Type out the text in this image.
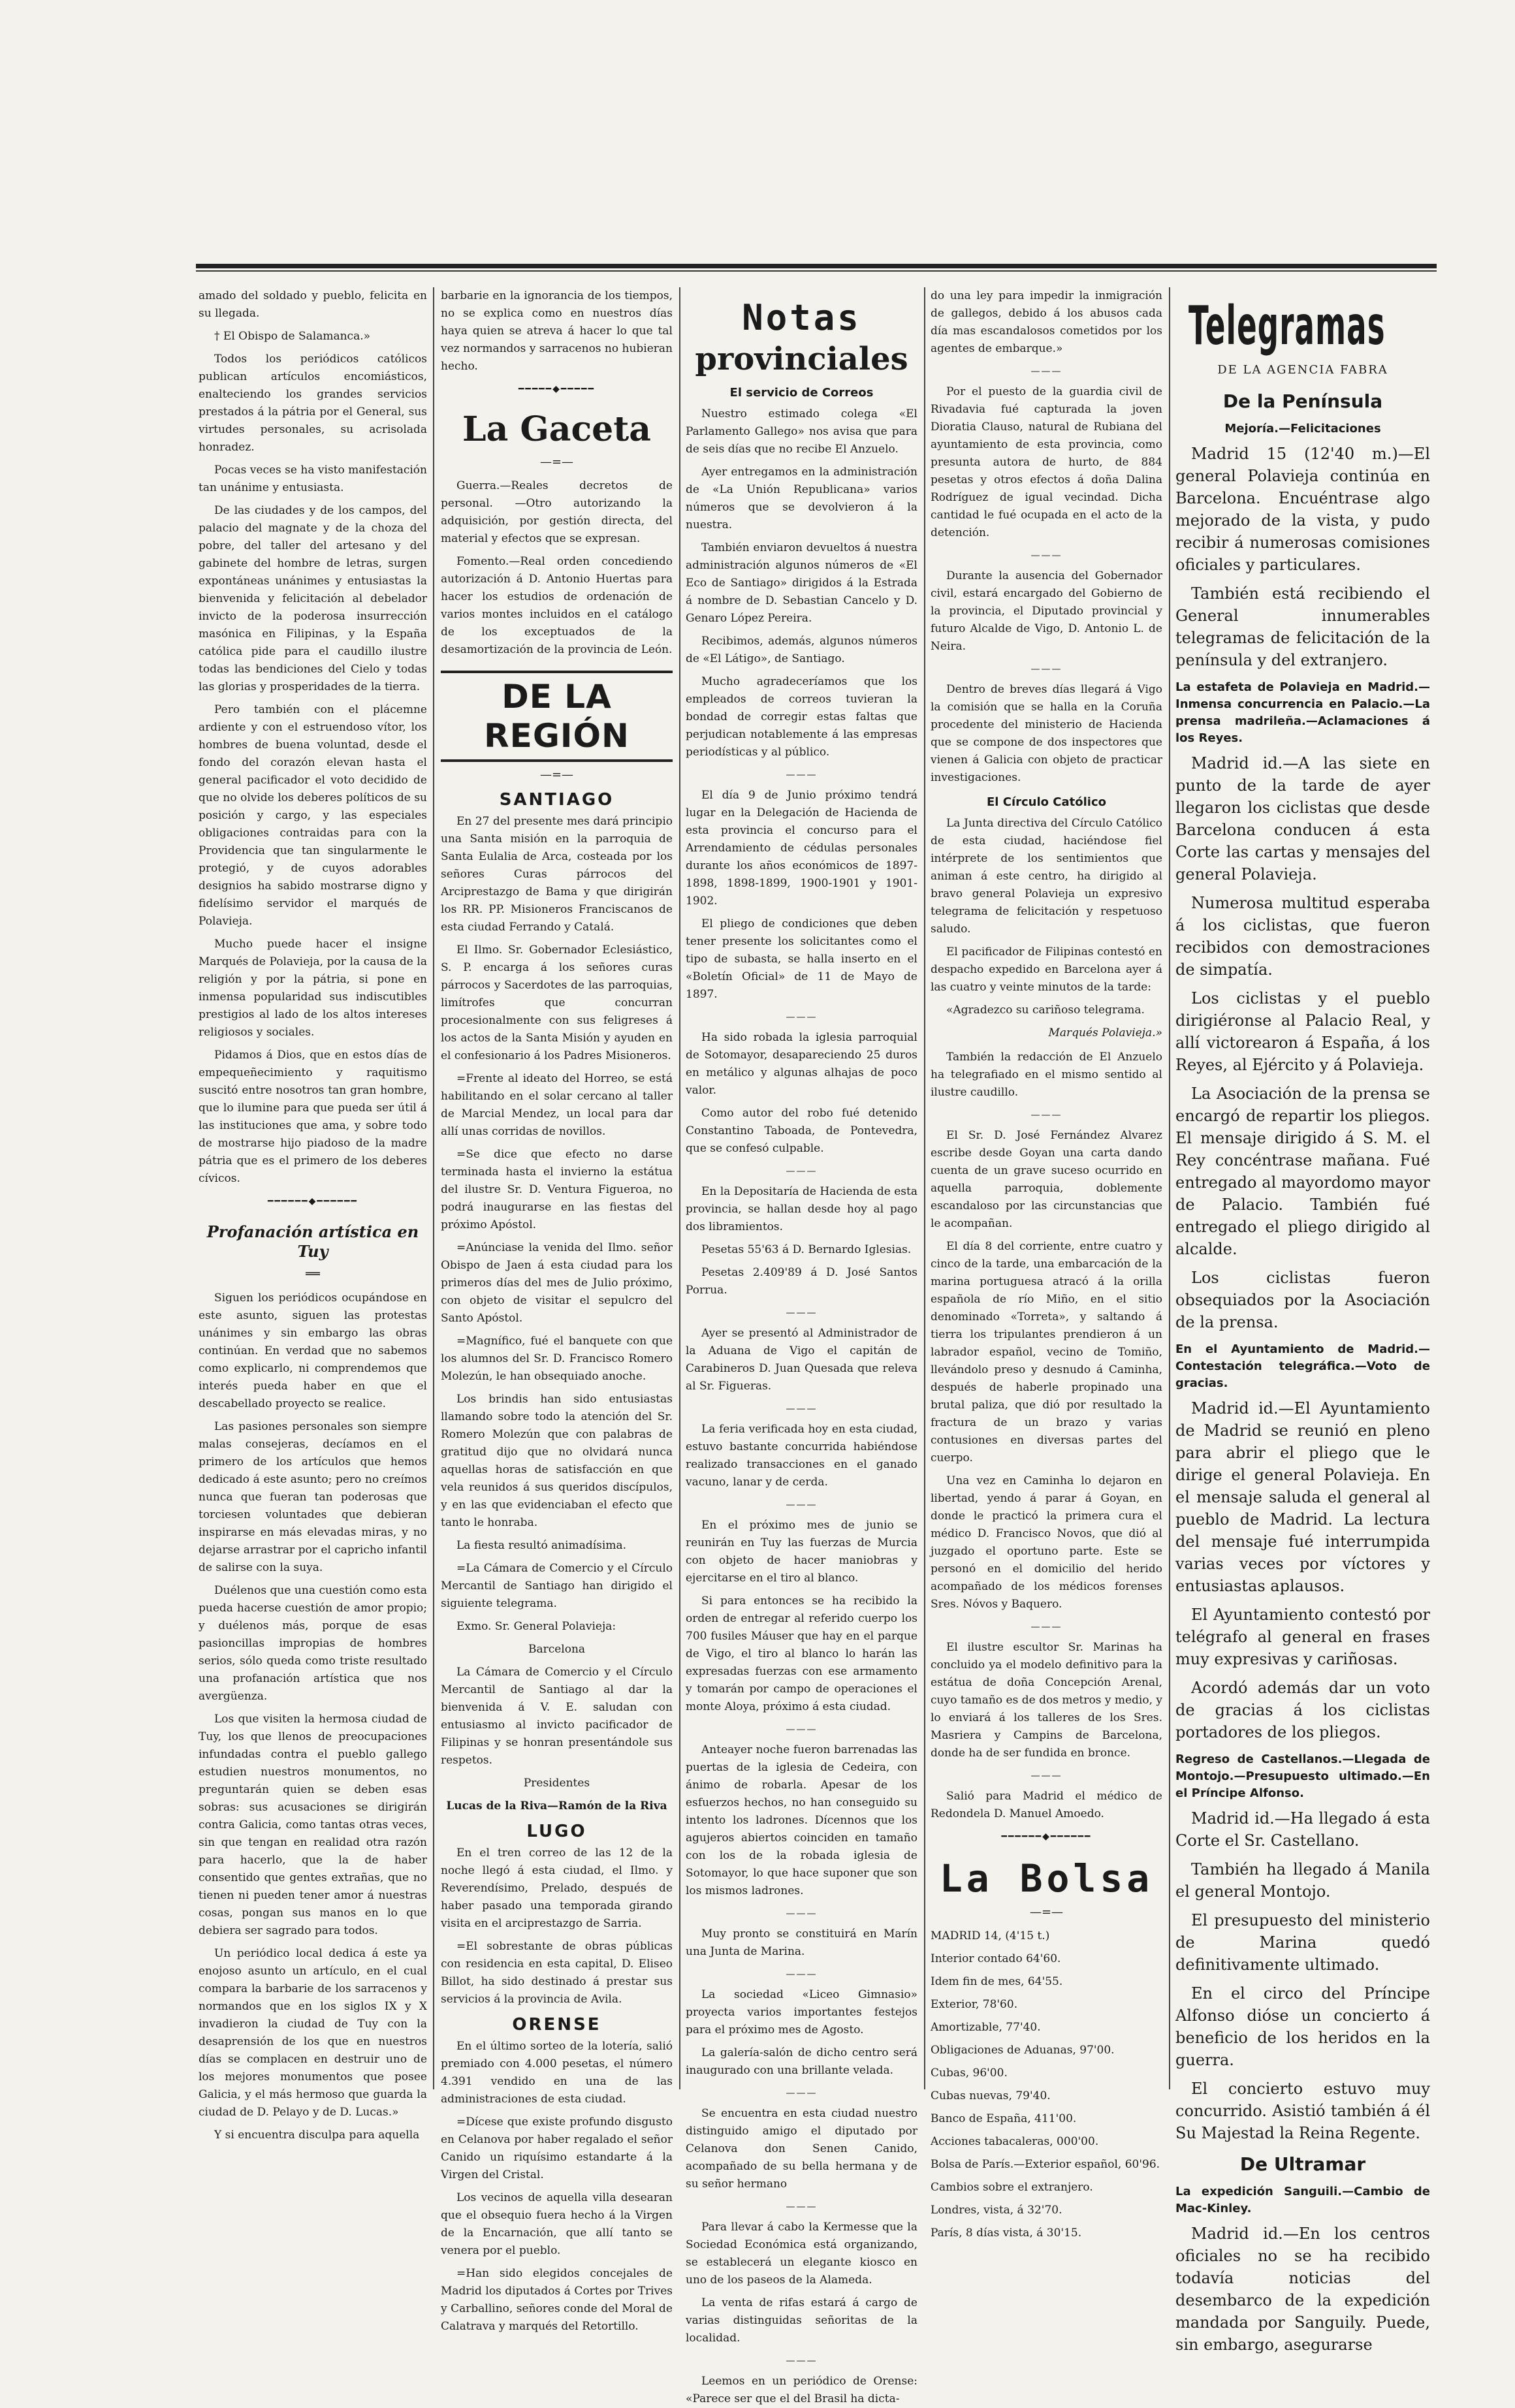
amado del soldado y pueblo, felicita en su llegada.

† El Obispo de Salamanca.»

Todos los periódicos católicos publican artículos encomiásticos, enalteciendo los grandes servicios prestados á la pátria por el General, sus virtudes personales, su acrisolada honradez.

Pocas veces se ha visto manifestación tan unánime y entusiasta.

De las ciudades y de los campos, del palacio del magnate y de la choza del pobre, del taller del artesano y del gabinete del hombre de letras, surgen expontáneas unánimes y entusiastas la bienvenida y felicitación al debelador invicto de la poderosa insurrección masónica en Filipinas, y la España católica pide para el caudillo ilustre todas las bendiciones del Cielo y todas las glorias y prosperidades de la tierra.

Pero también con el plácemne ardiente y con el estruendoso vítor, los hombres de buena voluntad, desde el fondo del corazón elevan hasta el general pacificador el voto decidido de que no olvide los deberes políticos de su posición y cargo, y las especiales obligaciones contraidas para con la Providencia que tan singularmente le protegió, y de cuyos adorables designios ha sabido mostrarse digno y fidelísimo servidor el marqués de Polavieja.

Mucho puede hacer el insigne Marqués de Polavieja, por la causa de la religión y por la pátria, si pone en inmensa popularidad sus indiscutibles prestigios al lado de los altos intereses religiosos y sociales.

Pidamos á Dios, que en estos días de empequeñecimiento y raquitismo suscitó entre nosotros tan gran hombre, que lo ilumine para que pueda ser útil á las instituciones que ama, y sobre todo de mostrarse hijo piadoso de la madre pátria que es el primero de los deberes cívicos.

━━━━━━◆━━━━━━
Profanación artística en Tuy
══

Siguen los periódicos ocupándose en este asunto, siguen las protestas unánimes y sin embargo las obras continúan. En verdad que no sabemos como explicarlo, ni comprendemos que interés pueda haber en que el descabellado proyecto se realice.

Las pasiones personales son siempre malas consejeras, decíamos en el primero de los artículos que hemos dedicado á este asunto; pero no creímos nunca que fueran tan poderosas que torciesen voluntades que debieran inspirarse en más elevadas miras, y no dejarse arrastrar por el capricho infantil de salirse con la suya.

Duélenos que una cuestión como esta pueda hacerse cuestión de amor propio; y duélenos más, porque de esas pasioncillas impropias de hombres serios, sólo queda como triste resultado una profanación artística que nos avergüenza.

Los que visiten la hermosa ciudad de Tuy, los que llenos de preocupaciones infundadas contra el pueblo gallego estudien nuestros monumentos, no preguntarán quien se deben esas sobras: sus acusaciones se dirigirán contra Galicia, como tantas otras veces, sin que tengan en realidad otra razón para hacerlo, que la de haber consentido que gentes extrañas, que no tienen ni pueden tener amor á nuestras cosas, pongan sus manos en lo que debiera ser sagrado para todos.

Un periódico local dedica á este ya enojoso asunto un artículo, en el cual compara la barbarie de los sarracenos y normandos que en los siglos IX y X invadieron la ciudad de Tuy con la desaprensión de los que en nuestros días se complacen en destruir uno de los mejores monumentos que posee Galicia, y el más hermoso que guarda la ciudad de D. Pelayo y de D. Lucas.»

Y si encuentra disculpa para aquella

barbarie en la ignorancia de los tiempos, no se explica como en nuestros días haya quien se atreva á hacer lo que tal vez normandos y sarracenos no hubieran hecho.

━━━━━◆━━━━━
La Gaceta
—=—

Guerra.—Reales decretos de personal. —Otro autorizando la adquisición, por gestión directa, del material y efectos que se expresan.

Fomento.—Real orden concediendo autorización á D. Antonio Huertas para hacer los estudios de ordenación de varios montes incluidos en el catálogo de los exceptuados de la desamortización de la provincia de León.

DE LA REGIÓN
—=—
SANTIAGO

En 27 del presente mes dará principio una Santa misión en la parroquia de Santa Eulalia de Arca, costeada por los señores Curas párrocos del Arciprestazgo de Bama y que dirigirán los RR. PP. Misioneros Franciscanos de esta ciudad Ferrando y Catalá.

El Ilmo. Sr. Gobernador Eclesiástico, S. P. encarga á los señores curas párrocos y Sacerdotes de las parroquias, limítrofes que concurran procesionalmente con sus feligreses á los actos de la Santa Misión y ayuden en el confesionario á los Padres Misioneros.

=Frente al ideato del Horreo, se está habilitando en el solar cercano al taller de Marcial Mendez, un local para dar allí unas corridas de novillos.

=Se dice que efecto no darse terminada hasta el invierno la estátua del ilustre Sr. D. Ventura Figueroa, no podrá inaugurarse en las fiestas del próximo Apóstol.

=Anúnciase la venida del Ilmo. señor Obispo de Jaen á esta ciudad para los primeros días del mes de Julio próximo, con objeto de visitar el sepulcro del Santo Apóstol.

=Magnífico, fué el banquete con que los alumnos del Sr. D. Francisco Romero Molezún, le han obsequiado anoche.

Los brindis han sido entusiastas llamando sobre todo la atención del Sr. Romero Molezún que con palabras de gratitud dijo que no olvidará nunca aquellas horas de satisfacción en que vela reunidos á sus queridos discípulos, y en las que evidenciaban el efecto que tanto le honraba.

La fiesta resultó animadísima.

=La Cámara de Comercio y el Círculo Mercantil de Santiago han dirigido el siguiente telegrama.

Exmo. Sr. General Polavieja:

Barcelona

La Cámara de Comercio y el Círculo Mercantil de Santiago al dar la bienvenida á V. E. saludan con entusiasmo al invicto pacificador de Filipinas y se honran presentándole sus respetos.

Presidentes

Lucas de la Riva—Ramón de la Riva

LUGO

En el tren correo de las 12 de la noche llegó á esta ciudad, el Ilmo. y Reverendísimo, Prelado, después de haber pasado una temporada girando visita en el arciprestazgo de Sarria.

=El sobrestante de obras públicas con residencia en esta capital, D. Eliseo Billot, ha sido destinado á prestar sus servicios á la provincia de Avila.

ORENSE

En el último sorteo de la lotería, salió premiado con 4.000 pesetas, el número 4.391 vendido en una de las administraciones de esta ciudad.

=Dícese que existe profundo disgusto en Celanova por haber regalado el señor Canido un riquísimo estandarte á la Virgen del Cristal.

Los vecinos de aquella villa desearan que el obsequio fuera hecho á la Virgen de la Encarnación, que allí tanto se venera por el pueblo.

=Han sido elegidos concejales de Madrid los diputados á Cortes por Trives y Carballino, señores conde del Moral de Calatrava y marqués del Retortillo.

Notas
provinciales
El servicio de Correos

Nuestro estimado colega «El Parlamento Gallego» nos avisa que para de seis días que no recibe El Anzuelo.

Ayer entregamos en la administración de «La Unión Republicana» varios números que se devolvieron á la nuestra.

También enviaron devueltos á nuestra administración algunos números de «El Eco de Santiago» dirigidos á la Estrada á nombre de D. Sebastian Cancelo y D. Genaro López Pereira.

Recibimos, además, algunos números de «El Látigo», de Santiago.

Mucho agradeceríamos que los empleados de correos tuvieran la bondad de corregir estas faltas que perjudican notablemente á las empresas periodísticas y al público.

———

El día 9 de Junio próximo tendrá lugar en la Delegación de Hacienda de esta provincia el concurso para el Arrendamiento de cédulas personales durante los años económicos de 1897-1898, 1898-1899, 1900-1901 y 1901-1902.

El pliego de condiciones que deben tener presente los solicitantes como el tipo de subasta, se halla inserto en el «Boletín Oficial» de 11 de Mayo de 1897.

———

Ha sido robada la iglesia parroquial de Sotomayor, desapareciendo 25 duros en metálico y algunas alhajas de poco valor.

Como autor del robo fué detenido Constantino Taboada, de Pontevedra, que se confesó culpable.

———

En la Depositaría de Hacienda de esta provincia, se hallan desde hoy al pago dos libramientos.

Pesetas 55'63 á D. Bernardo Iglesias.

Pesetas 2.409'89 á D. José Santos Porrua.

———

Ayer se presentó al Administrador de la Aduana de Vigo el capitán de Carabineros D. Juan Quesada que releva al Sr. Figueras.

———

La feria verificada hoy en esta ciudad, estuvo bastante concurrida habiéndose realizado transacciones en el ganado vacuno, lanar y de cerda.

———

En el próximo mes de junio se reunirán en Tuy las fuerzas de Murcia con objeto de hacer maniobras y ejercitarse en el tiro al blanco.

Si para entonces se ha recibido la orden de entregar al referido cuerpo los 700 fusiles Máuser que hay en el parque de Vigo, el tiro al blanco lo harán las expresadas fuerzas con ese armamento y tomarán por campo de operaciones el monte Aloya, próximo á esta ciudad.

———

Anteayer noche fueron barrenadas las puertas de la iglesia de Cedeira, con ánimo de robarla. Apesar de los esfuerzos hechos, no han conseguido su intento los ladrones. Dícennos que los agujeros abiertos coinciden en tamaño con los de la robada iglesia de Sotomayor, lo que hace suponer que son los mismos ladrones.

———

Muy pronto se constituirá en Marín una Junta de Marina.

———

La sociedad «Liceo Gimnasio» proyecta varios importantes festejos para el próximo mes de Agosto.

La galería-salón de dicho centro será inaugurado con una brillante velada.

———

Se encuentra en esta ciudad nuestro distinguido amigo el diputado por Celanova don Senen Canido, acompañado de su bella hermana y de su señor hermano

———

Para llevar á cabo la Kermesse que la Sociedad Económica está organizando, se establecerá un elegante kiosco en uno de los paseos de la Alameda.

La venta de rifas estará á cargo de varias distinguidas señoritas de la localidad.

———

Leemos en un periódico de Orense: «Parece ser que el del Brasil ha dicta-

do una ley para impedir la inmigración de gallegos, debido á los abusos cada día mas escandalosos cometidos por los agentes de embarque.»

———

Por el puesto de la guardia civil de Rivadavia fué capturada la joven Dioratia Clauso, natural de Rubiana del ayuntamiento de esta provincia, como presunta autora de hurto, de 884 pesetas y otros efectos á doña Dalina Rodríguez de igual vecindad. Dicha cantidad le fué ocupada en el acto de la detención.

———

Durante la ausencia del Gobernador civil, estará encargado del Gobierno de la provincia, el Diputado provincial y futuro Alcalde de Vigo, D. Antonio L. de Neira.

———

Dentro de breves días llegará á Vigo la comisión que se halla en la Coruña procedente del ministerio de Hacienda que se compone de dos inspectores que vienen á Galicia con objeto de practicar investigaciones.

El Círculo Católico

La Junta directiva del Círculo Católico de esta ciudad, haciéndose fiel intérprete de los sentimientos que animan á este centro, ha dirigido al bravo general Polavieja un expresivo telegrama de felicitación y respetuoso saludo.

El pacificador de Filipinas contestó en despacho expedido en Barcelona ayer á las cuatro y veinte minutos de la tarde:

«Agradezco su cariñoso telegrama.

Marqués Polavieja.»

También la redacción de El Anzuelo ha telegrafiado en el mismo sentido al ilustre caudillo.

———

El Sr. D. José Fernández Alvarez escribe desde Goyan una carta dando cuenta de un grave suceso ocurrido en aquella parroquia, doblemente escandaloso por las circunstancias que le acompañan.

El día 8 del corriente, entre cuatro y cinco de la tarde, una embarcación de la marina portuguesa atracó á la orilla española de río Miño, en el sitio denominado «Torreta», y saltando á tierra los tripulantes prendieron á un labrador español, vecino de Tomiño, llevándolo preso y desnudo á Caminha, después de haberle propinado una brutal paliza, que dió por resultado la fractura de un brazo y varias contusiones en diversas partes del cuerpo.

Una vez en Caminha lo dejaron en libertad, yendo á parar á Goyan, en donde le practicó la primera cura el médico D. Francisco Novos, que dió al juzgado el oportuno parte. Este se personó en el domicilio del herido acompañado de los médicos forenses Sres. Nóvos y Baquero.

———

El ilustre escultor Sr. Marinas ha concluido ya el modelo definitivo para la estátua de doña Concepción Arenal, cuyo tamaño es de dos metros y medio, y lo enviará á los talleres de los Sres. Masriera y Campins de Barcelona, donde ha de ser fundida en bronce.

———

Salió para Madrid el médico de Redondela D. Manuel Amoedo.

━━━━━━◆━━━━━━
La Bolsa
—=—

MADRID 14, (4'15 t.)

Interior contado 64'60.

Idem fin de mes, 64'55.

Exterior, 78'60.

Amortizable, 77'40.

Obligaciones de Aduanas, 97'00.

Cubas, 96'00.

Cubas nuevas, 79'40.

Banco de España, 411'00.

Acciones tabacaleras, 000'00.

Bolsa de París.—Exterior español, 60'96.

Cambios sobre el extranjero.

Londres, vista, á 32'70.

París, 8 días vista, á 30'15.

Telegramas
DE LA AGENCIA FABRA
De la Península
Mejoría.—Felicitaciones

Madrid 15 (12'40 m.)—El general Polavieja continúa en Barcelona. Encuéntrase algo mejorado de la vista, y pudo recibir á numerosas comisiones oficiales y particulares.

También está recibiendo el General innumerables telegramas de felicitación de la península y del extranjero.

La estafeta de Polavieja en Madrid.—Inmensa concurrencia en Palacio.—La prensa madrileña.—Aclamaciones á los Reyes.

Madrid id.—A las siete en punto de la tarde de ayer llegaron los ciclistas que desde Barcelona conducen á esta Corte las cartas y mensajes del general Polavieja.

Numerosa multitud esperaba á los ciclistas, que fueron recibidos con demostraciones de simpatía.

Los ciclistas y el pueblo dirigiéronse al Palacio Real, y allí victorearon á España, á los Reyes, al Ejército y á Polavieja.

La Asociación de la prensa se encargó de repartir los pliegos. El mensaje dirigido á S. M. el Rey concéntrase mañana. Fué entregado al mayordomo mayor de Palacio. También fué entregado el pliego dirigido al alcalde.

Los ciclistas fueron obsequiados por la Asociación de la prensa.

En el Ayuntamiento de Madrid.—Contestación telegráfica.—Voto de gracias.

Madrid id.—El Ayuntamiento de Madrid se reunió en pleno para abrir el pliego que le dirige el general Polavieja. En el mensaje saluda el general al pueblo de Madrid. La lectura del mensaje fué interrumpida varias veces por víctores y entusiastas aplausos.

El Ayuntamiento contestó por telégrafo al general en frases muy expresivas y cariñosas.

Acordó además dar un voto de gracias á los ciclistas portadores de los pliegos.

Regreso de Castellanos.—Llegada de Montojo.—Presupuesto ultimado.—En el Príncipe Alfonso.

Madrid id.—Ha llegado á esta Corte el Sr. Castellano.

También ha llegado á Manila el general Montojo.

El presupuesto del ministerio de Marina quedó definitivamente ultimado.

En el circo del Príncipe Alfonso dióse un concierto á beneficio de los heridos en la guerra.

El concierto estuvo muy concurrido. Asistió también á él Su Majestad la Reina Regente.

De Ultramar
La expedición Sanguili.—Cambio de Mac-Kinley.

Madrid id.—En los centros oficiales no se ha recibido todavía noticias del desembarco de la expedición mandada por Sanguily. Puede, sin embargo, asegurarse
